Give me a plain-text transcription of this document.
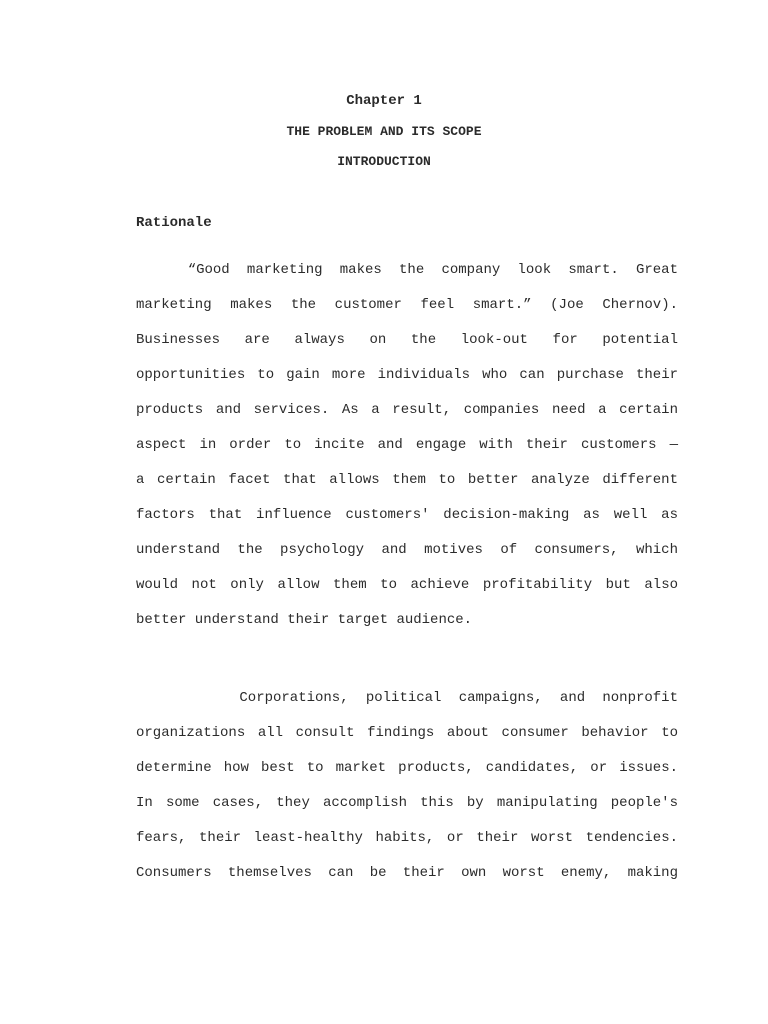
Chapter 1
THE PROBLEM AND ITS SCOPE
INTRODUCTION
Rationale
“Good marketing makes the company look smart. Great
marketing makes the customer feel smart.” (Joe Chernov).
Businesses are always on the look-out for potential
opportunities to gain more individuals who can purchase their
products and services. As a result, companies need a certain
aspect in order to incite and engage with their customers —
a certain facet that allows them to better analyze different
factors that influence customers' decision-making as well as
understand the psychology and motives of consumers, which
would not only allow them to achieve profitability but also
better understand their target audience.
Corporations, political campaigns, and nonprofit
organizations all consult findings about consumer behavior to
determine how best to market products, candidates, or issues.
In some cases, they accomplish this by manipulating people's
fears, their least-healthy habits, or their worst tendencies.
Consumers themselves can be their own worst enemy, making
